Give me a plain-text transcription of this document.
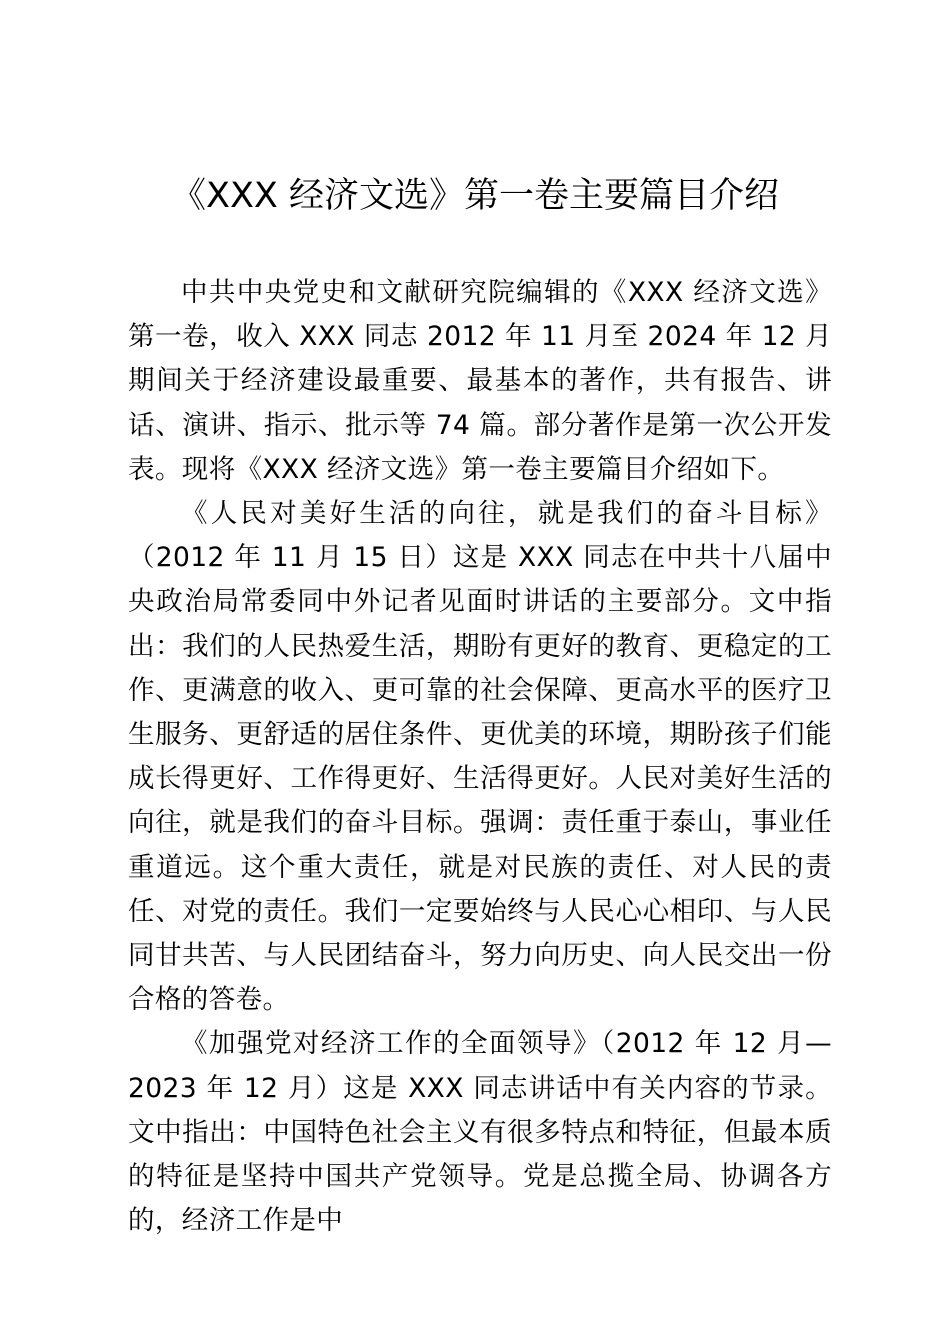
《XXX 经济文选》第一卷主要篇目介绍

中共中央党史和文献研究院编辑的《XXX 经济文选》第一卷，收入 XXX 同志 2012 年 11 月至 2024 年 12 月期间关于经济建设最重要、最基本的著作，共有报告、讲话、演讲、指示、批示等 74 篇。部分著作是第一次公开发表。现将《XXX 经济文选》第一卷主要篇目介绍如下。

《人民对美好生活的向往，就是我们的奋斗目标》（2012 年 11 月 15 日）这是 XXX 同志在中共十八届中央政治局常委同中外记者见面时讲话的主要部分。文中指出：我们的人民热爱生活，期盼有更好的教育、更稳定的工作、更满意的收入、更可靠的社会保障、更高水平的医疗卫生服务、更舒适的居住条件、更优美的环境，期盼孩子们能成长得更好、工作得更好、生活得更好。人民对美好生活的向往，就是我们的奋斗目标。强调：责任重于泰山，事业任重道远。这个重大责任，就是对民族的责任、对人民的责任、对党的责任。我们一定要始终与人民心心相印、与人民同甘共苦、与人民团结奋斗，努力向历史、向人民交出一份合格的答卷。

《加强党对经济工作的全面领导》（2012 年 12 月—2023 年 12 月）这是 XXX 同志讲话中有关内容的节录。文中指出：中国特色社会主义有很多特点和特征，但最本质的特征是坚持中国共产党领导。党是总揽全局、协调各方的，经济工作是中
